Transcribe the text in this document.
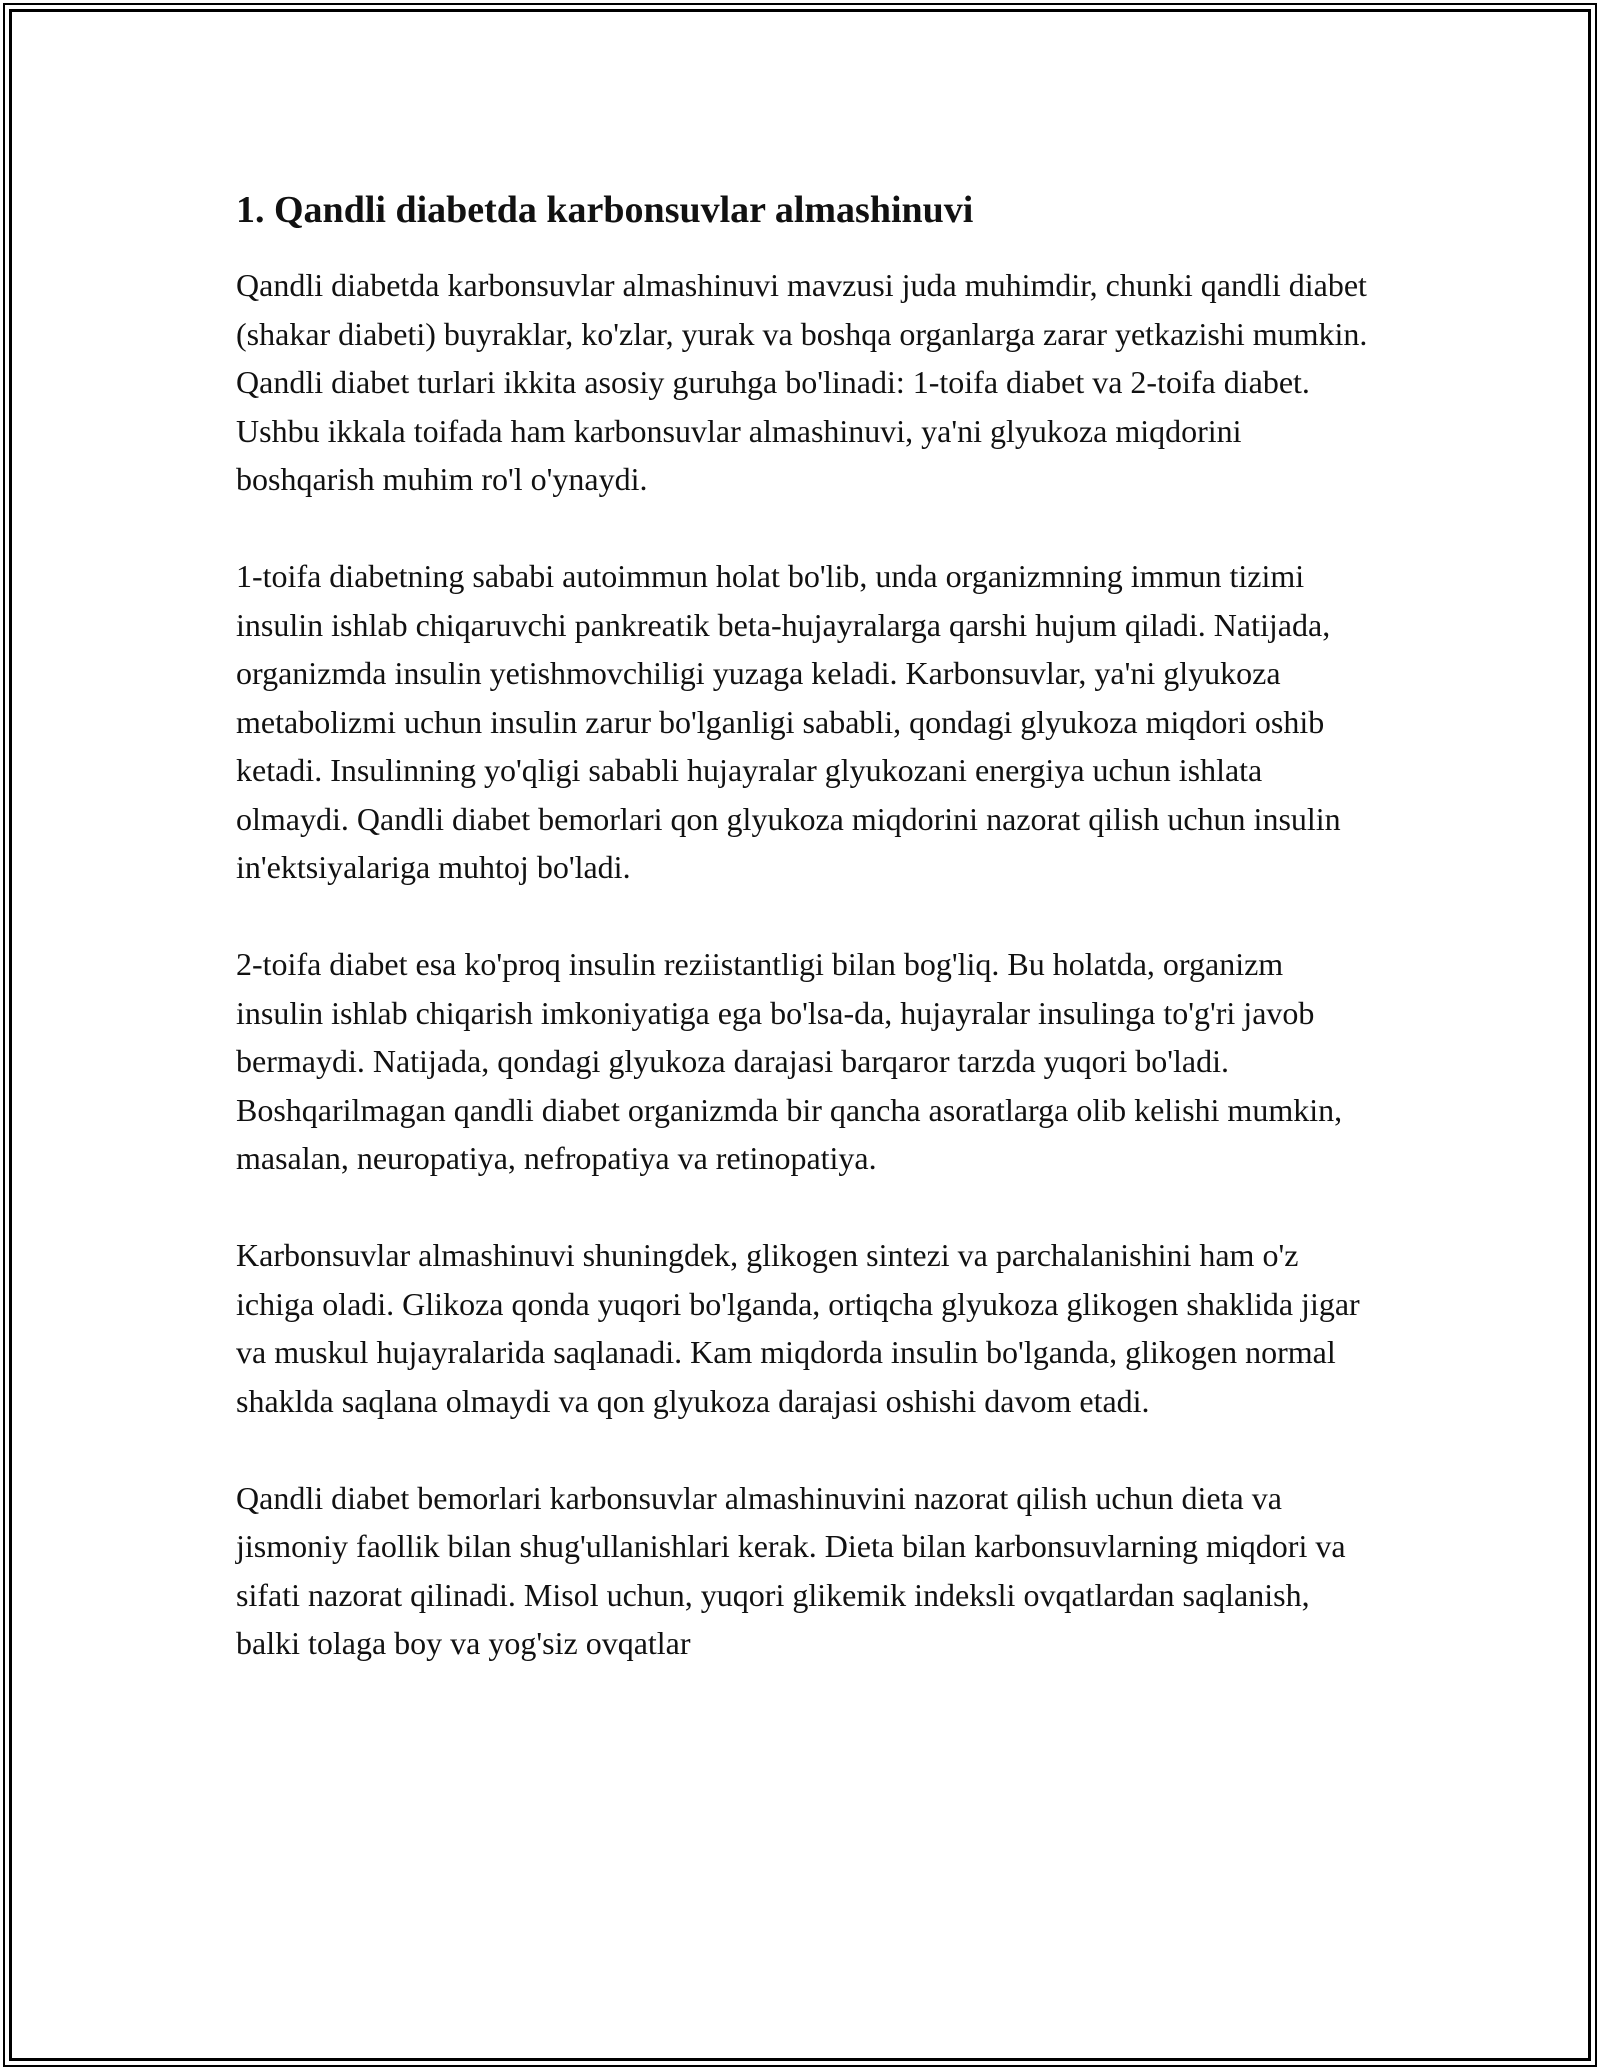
1. Qandli diabetda karbonsuvlar almashinuvi

Qandli diabetda karbonsuvlar almashinuvi mavzusi juda muhimdir, chunki qandli diabet (shakar diabeti) buyraklar, ko'zlar, yurak va boshqa organlarga zarar yetkazishi mumkin. Qandli diabet turlari ikkita asosiy guruhga bo'linadi: 1-toifa diabet va 2-toifa diabet. Ushbu ikkala toifada ham karbonsuvlar almashinuvi, ya'ni glyukoza miqdorini boshqarish muhim ro'l o'ynaydi.

1-toifa diabetning sababi autoimmun holat bo'lib, unda organizmning immun tizimi insulin ishlab chiqaruvchi pankreatik beta-hujayralarga qarshi hujum qiladi. Natijada, organizmda insulin yetishmovchiligi yuzaga keladi. Karbonsuvlar, ya'ni glyukoza metabolizmi uchun insulin zarur bo'lganligi sababli, qondagi glyukoza miqdori oshib ketadi. Insulinning yo'qligi sababli hujayralar glyukozani energiya uchun ishlata olmaydi. Qandli diabet bemorlari qon glyukoza miqdorini nazorat qilish uchun insulin in'ektsiyalariga muhtoj bo'ladi.

2-toifa diabet esa ko'proq insulin reziistantligi bilan bog'liq. Bu holatda, organizm insulin ishlab chiqarish imkoniyatiga ega bo'lsa-da, hujayralar insulinga to'g'ri javob bermaydi. Natijada, qondagi glyukoza darajasi barqaror tarzda yuqori bo'ladi. Boshqarilmagan qandli diabet organizmda bir qancha asoratlarga olib kelishi mumkin, masalan, neuropatiya, nefropatiya va retinopatiya.

Karbonsuvlar almashinuvi shuningdek, glikogen sintezi va parchalanishini ham o'z ichiga oladi. Glikoza qonda yuqori bo'lganda, ortiqcha glyukoza glikogen shaklida jigar va muskul hujayralarida saqlanadi. Kam miqdorda insulin bo'lganda, glikogen normal shaklda saqlana olmaydi va qon glyukoza darajasi oshishi davom etadi.

Qandli diabet bemorlari karbonsuvlar almashinuvini nazorat qilish uchun dieta va jismoniy faollik bilan shug'ullanishlari kerak. Dieta bilan karbonsuvlarning miqdori va sifati nazorat qilinadi. Misol uchun, yuqori glikemik indeksli ovqatlardan saqlanish, balki tolaga boy va yog'siz ovqatlar
